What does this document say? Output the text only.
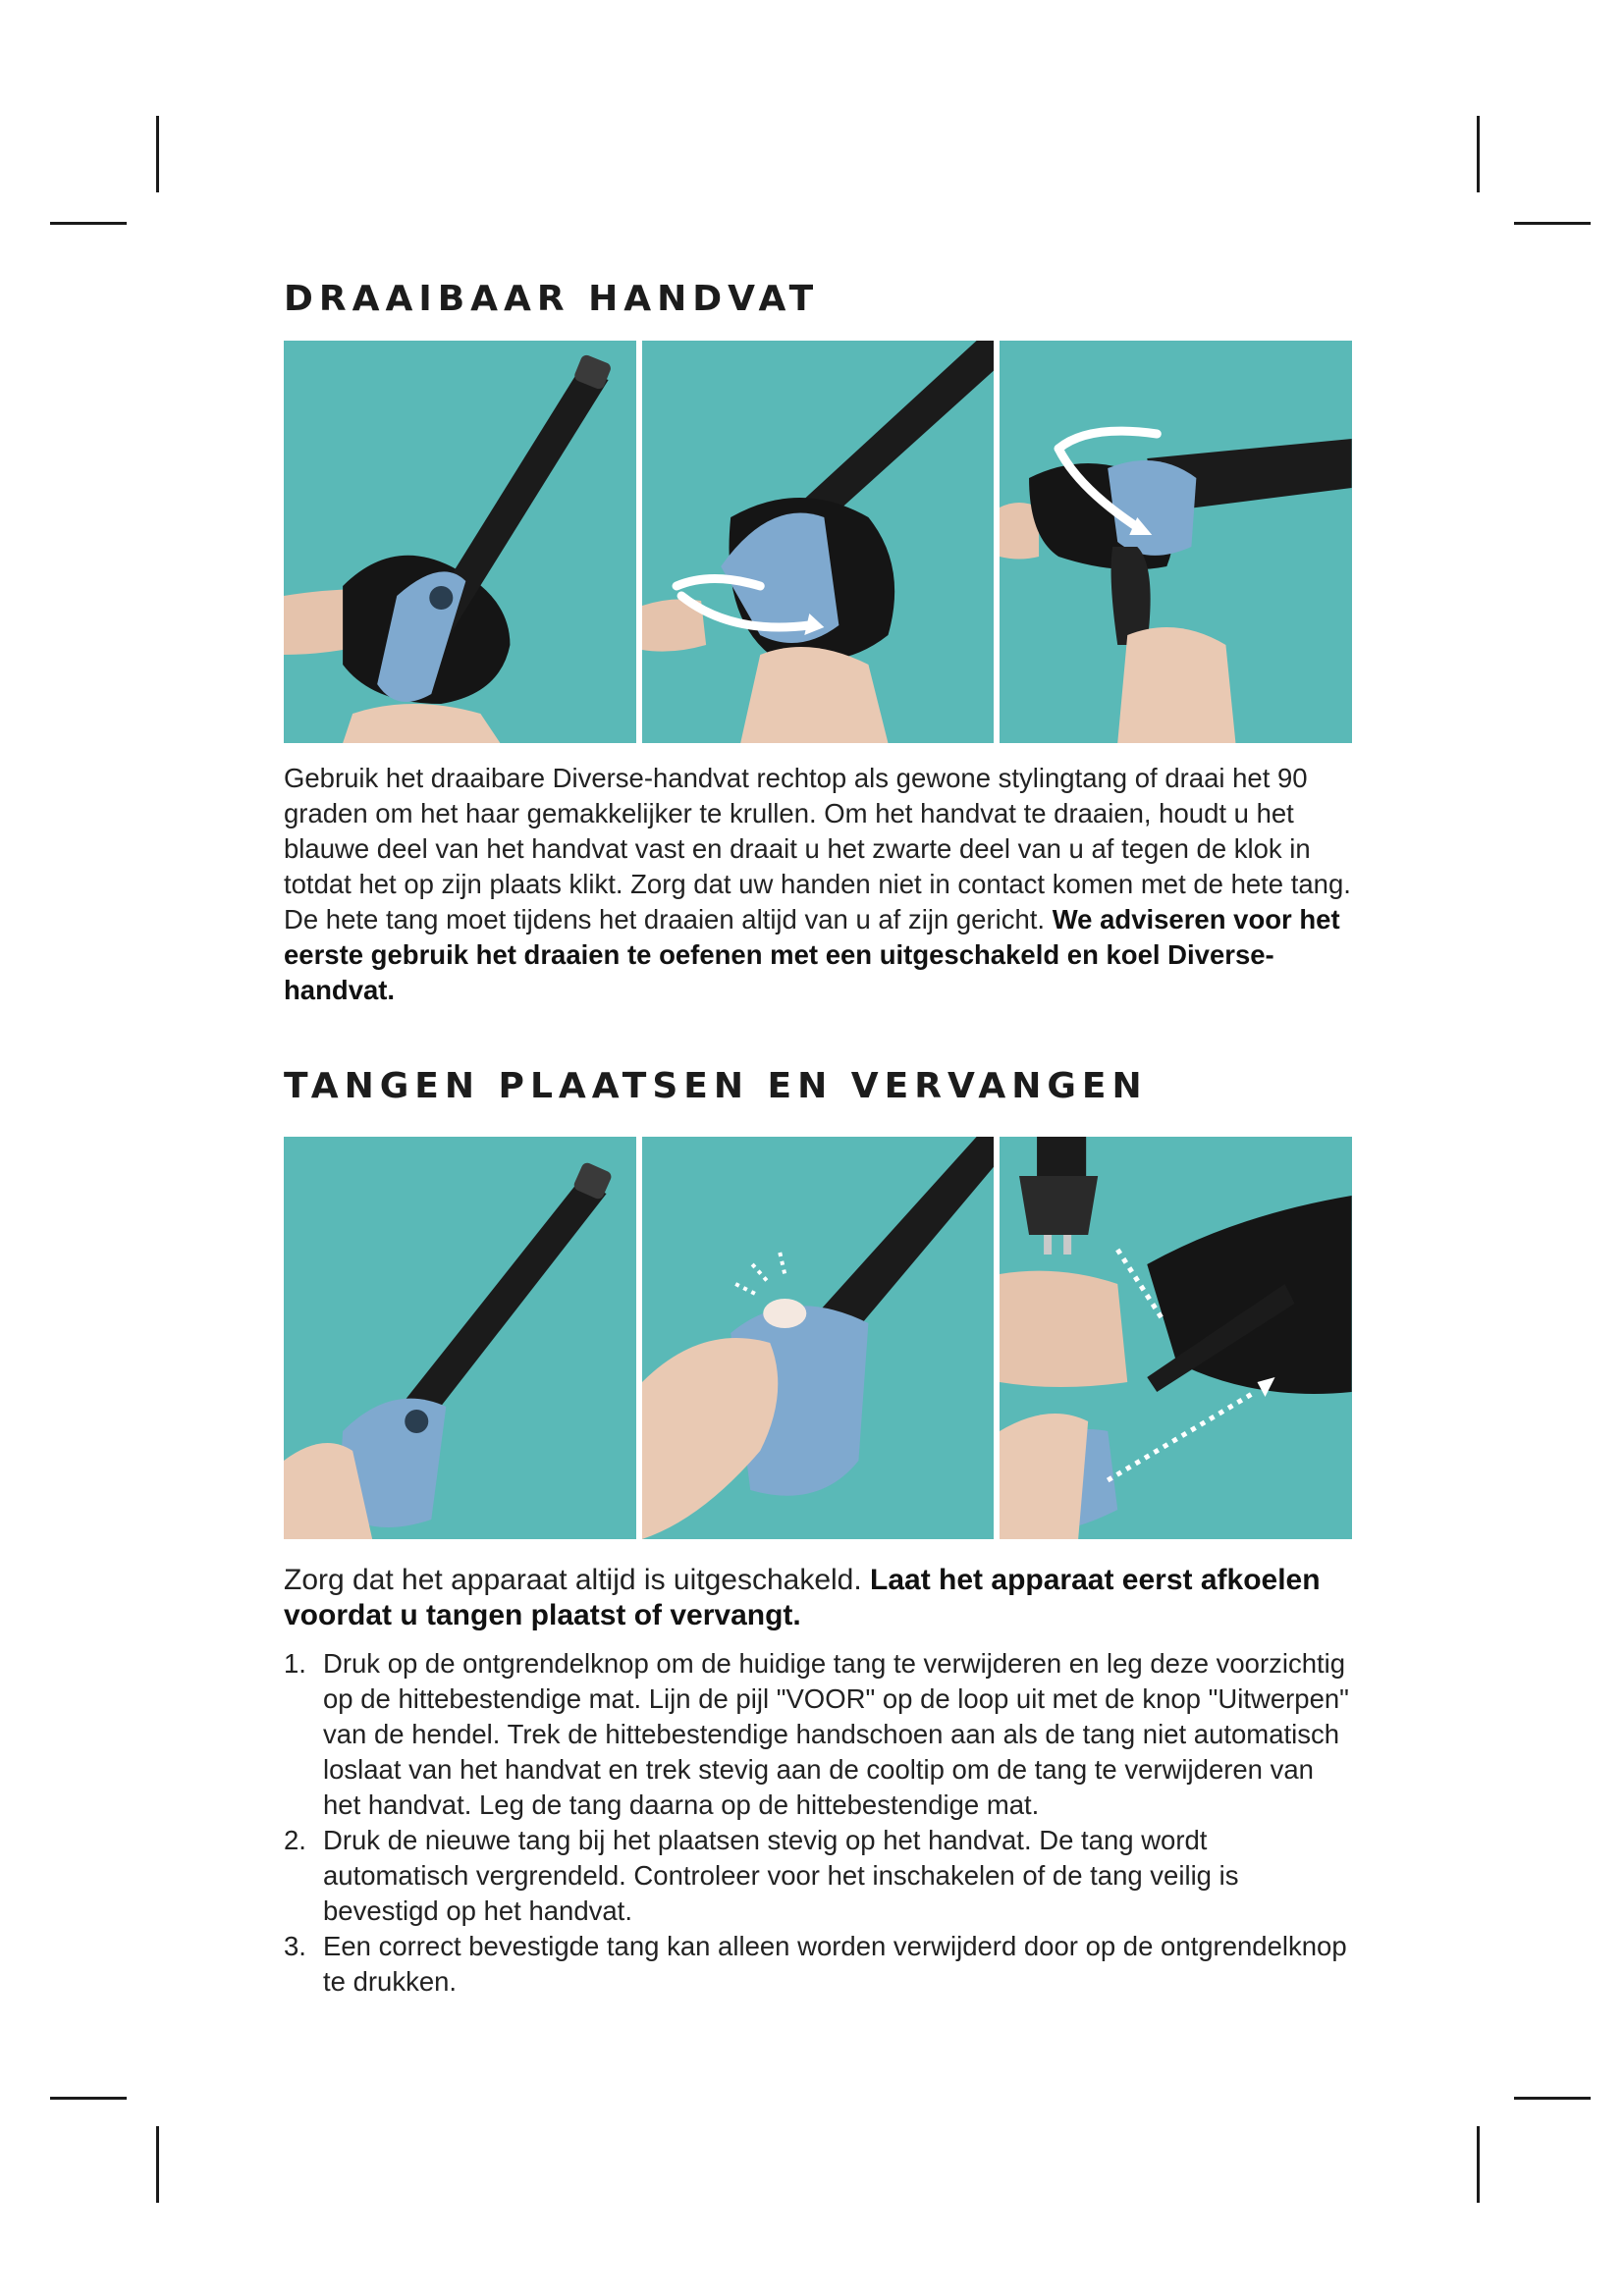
DRAAIBAAR HANDVAT

Gebruik het draaibare Diverse-handvat rechtop als gewone stylingtang of draai het 90 graden om het haar gemakkelijker te krullen. Om het handvat te draaien, houdt u het blauwe deel van het handvat vast en draait u het zwarte deel van u af tegen de klok in totdat het op zijn plaats klikt. Zorg dat uw handen niet in contact komen met de hete tang. De hete tang moet tijdens het draaien altijd van u af zijn gericht. We adviseren voor het eerste gebruik het draaien te oefenen met een uitgeschakeld en koel Diverse-handvat.

TANGEN PLAATSEN EN VERVANGEN

Zorg dat het apparaat altijd is uitgeschakeld. Laat het apparaat eerst afkoelen voordat u tangen plaatst of vervangt.

1. Druk op de ontgrendelknop om de huidige tang te verwijderen en leg deze voorzichtig op de hittebestendige mat. Lijn de pijl "VOOR" op de loop uit met de knop "Uitwerpen" van de hendel. Trek de hittebestendige handschoen aan als de tang niet automatisch loslaat van het handvat en trek stevig aan de cooltip om de tang te verwijderen van het handvat. Leg de tang daarna op de hittebestendige mat.
2. Druk de nieuwe tang bij het plaatsen stevig op het handvat. De tang wordt automatisch vergrendeld. Controleer voor het inschakelen of de tang veilig is bevestigd op het handvat.
3. Een correct bevestigde tang kan alleen worden verwijderd door op de ontgrendelknop te drukken.
